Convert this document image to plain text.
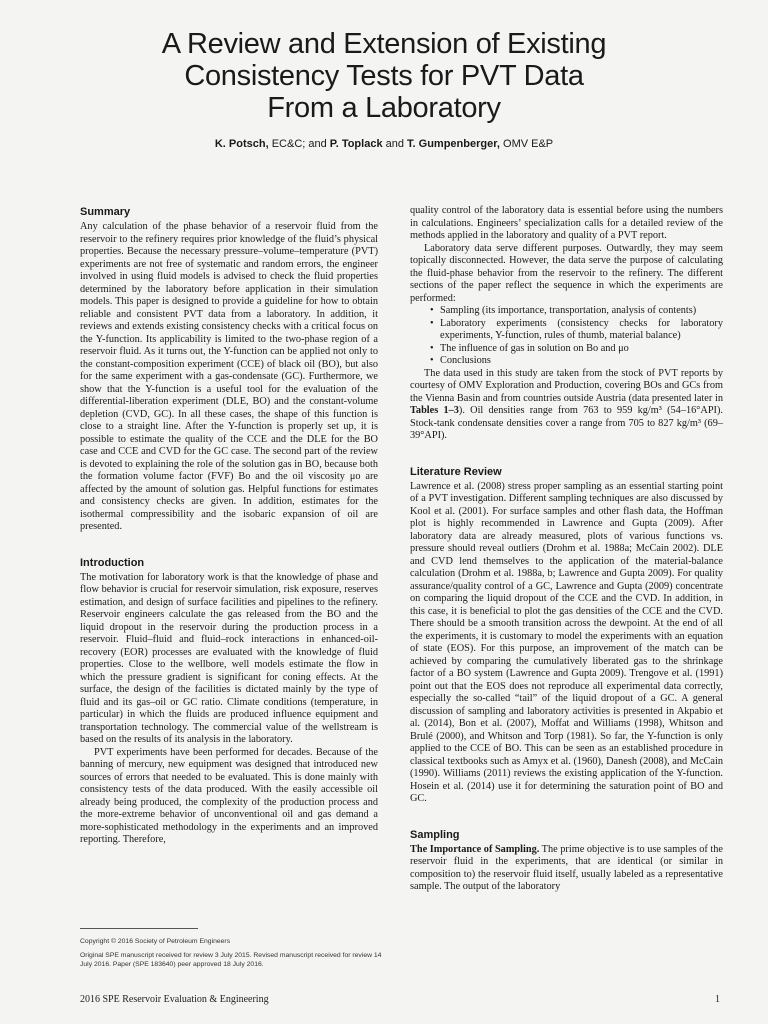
A Review and Extension of Existing
Consistency Tests for PVT Data
From a Laboratory
K. Potsch, EC&C; and P. Toplack and T. Gumpenberger, OMV E&P
Summary

Any calculation of the phase behavior of a reservoir fluid from the reservoir to the refinery requires prior knowledge of the fluid’s physical properties. Because the necessary pressure–volume–temperature (PVT) experiments are not free of systematic and random errors, the engineer involved in using fluid models is advised to check the fluid properties determined by the laboratory before application in their simulation models. This paper is designed to provide a guideline for how to obtain reliable and consistent PVT data from a laboratory. In addition, it reviews and extends existing consistency checks with a critical focus on the Y-function. Its applicability is limited to the two-phase region of a reservoir fluid. As it turns out, the Y-function can be applied not only to the constant-composition experiment (CCE) of black oil (BO), but also for the same experiment with a gas-condensate (GC). Furthermore, we show that the Y-function is a useful tool for the evaluation of the differential-liberation experiment (DLE, BO) and the constant-volume depletion (CVD, GC). In all these cases, the shape of this function is close to a straight line. After the Y-function is properly set up, it is possible to estimate the quality of the CCE and the DLE for the BO case and CCE and CVD for the GC case. The second part of the review is devoted to explaining the role of the solution gas in BO, because both the formation volume factor (FVF) Bo and the oil viscosity μo are affected by the amount of solution gas. Helpful functions for estimates and consistency checks are given. In addition, estimates for the isothermal compressibility and the isobaric expansion of oil are presented.

Introduction

The motivation for laboratory work is that the knowledge of phase and flow behavior is crucial for reservoir simulation, risk exposure, reserves estimation, and design of surface facilities and pipelines to the refinery. Reservoir engineers calculate the gas released from the BO and the liquid dropout in the reservoir during the production process in a reservoir. Fluid–fluid and fluid–rock interactions in enhanced-oil-recovery (EOR) processes are evaluated with the knowledge of fluid properties. Close to the wellbore, well models estimate the flow in which the pressure gradient is significant for coning effects. At the surface, the design of the facilities is dictated mainly by the type of fluid and its gas–oil or GC ratio. Climate conditions (temperature, in particular) in which the fluids are produced influence equipment and transportation technology. The commercial value of the wellstream is based on the results of its analysis in the laboratory.

PVT experiments have been performed for decades. Because of the banning of mercury, new equipment was designed that introduced new sources of errors that needed to be evaluated. This is done mainly with consistency tests of the data produced. With the easily accessible oil already being produced, the complexity of the production process and the more-extreme behavior of unconventional oil and gas demand a more-sophisticated methodology in the experiments and an improved reporting. Therefore,

quality control of the laboratory data is essential before using the numbers in calculations. Engineers’ specialization calls for a detailed review of the methods applied in the laboratory and quality of a PVT report.

Laboratory data serve different purposes. Outwardly, they may seem topically disconnected. However, the data serve the purpose of calculating the fluid-phase behavior from the reservoir to the refinery. The different sections of the paper reflect the sequence in which the experiments are performed:

• Sampling (its importance, transportation, analysis of contents)
• Laboratory experiments (consistency checks for laboratory experiments, Y-function, rules of thumb, material balance)
• The influence of gas in solution on Bo and μo
• Conclusions

The data used in this study are taken from the stock of PVT reports by courtesy of OMV Exploration and Production, covering BOs and GCs from the Vienna Basin and from countries outside Austria (data presented later in Tables 1–3). Oil densities range from 763 to 959 kg/m³ (54–16°API). Stock-tank condensate densities cover a range from 705 to 827 kg/m³ (69–39°API).

Literature Review

Lawrence et al. (2008) stress proper sampling as an essential starting point of a PVT investigation. Different sampling techniques are also discussed by Kool et al. (2001). For surface samples and other flash data, the Hoffman plot is highly recommended in Lawrence and Gupta (2009). After laboratory data are already measured, plots of various functions vs. pressure should reveal outliers (Drohm et al. 1988a; McCain 2002). DLE and CVD lend themselves to the application of the material-balance calculation (Drohm et al. 1988a, b; Lawrence and Gupta 2009). For quality assurance/quality control of a GC, Lawrence and Gupta (2009) concentrate on comparing the liquid dropout of the CCE and the CVD. In addition, in this case, it is beneficial to plot the gas densities of the CCE and the CVD. There should be a smooth transition across the dewpoint. At the end of all the experiments, it is customary to model the experiments with an equation of state (EOS). For this purpose, an improvement of the match can be achieved by comparing the cumulatively liberated gas to the shrinkage factor of a BO system (Lawrence and Gupta 2009). Trengove et al. (1991) point out that the EOS does not reproduce all experimental data correctly, especially the so-called “tail” of the liquid dropout of a GC. A general discussion of sampling and laboratory activities is presented in Akpabio et al. (2014), Bon et al. (2007), Moffat and Williams (1998), Whitson and Brulé (2000), and Whitson and Torp (1981). So far, the Y-function is only applied to the CCE of BO. This can be seen as an established procedure in classical textbooks such as Amyx et al. (1960), Danesh (2008), and McCain (1990). Williams (2011) reviews the existing application of the Y-function. Hosein et al. (2014) use it for determining the saturation point of BO and GC.

Sampling

The Importance of Sampling. The prime objective is to use samples of the reservoir fluid in the experiments, that are identical (or similar in composition to) the reservoir fluid itself, usually labeled as a representative sample. The output of the laboratory

Copyright © 2016 Society of Petroleum Engineers

Original SPE manuscript received for review 3 July 2015. Revised manuscript received for review 14 July 2016. Paper (SPE 183640) peer approved 18 July 2016.

2016 SPE Reservoir Evaluation & Engineering	1
